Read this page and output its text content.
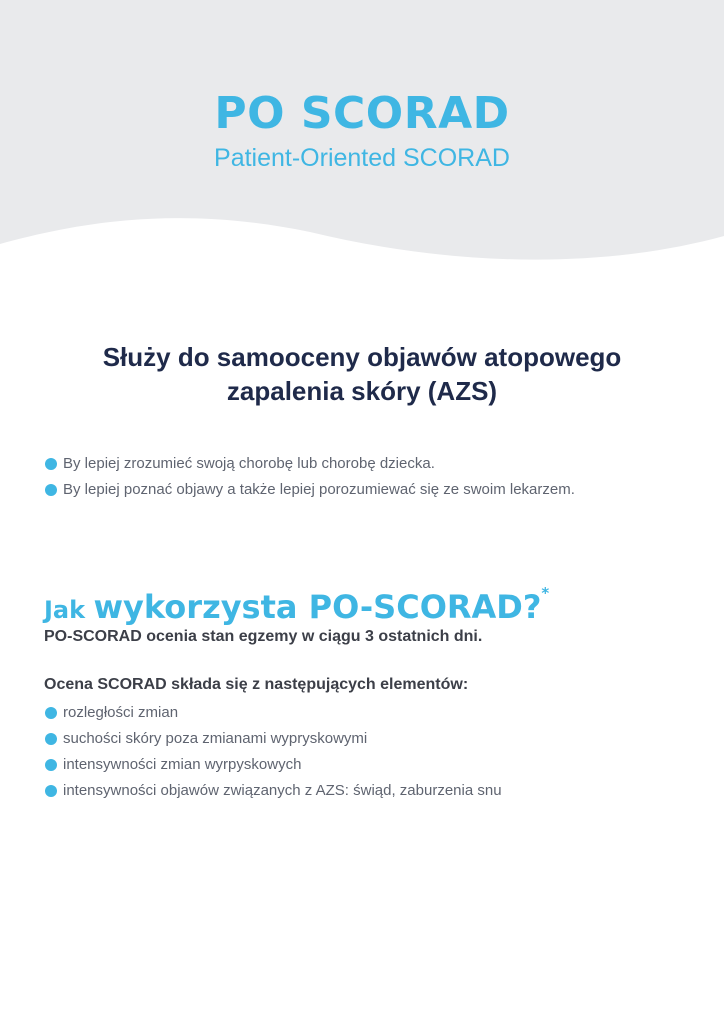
PO SCORAD

Patient-Oriented SCORAD

Służy do samooceny objawów atopowego
zapalenia skóry (AZS)
By lepiej zrozumieć swoją chorobę lub chorobę dziecka.
By lepiej poznać objawy a także lepiej porozumiewać się ze swoim lekarzem.
Jak wykorzysta PO-SCORAD?*

PO-SCORAD ocenia stan egzemy w ciągu 3 ostatnich dni.

Ocena SCORAD składa się z następujących elementów:

rozległości zmian
suchości skóry poza zmianami wypryskowymi
intensywności zmian wyrpyskowych
intensywności objawów związanych z AZS: świąd, zaburzenia snu
